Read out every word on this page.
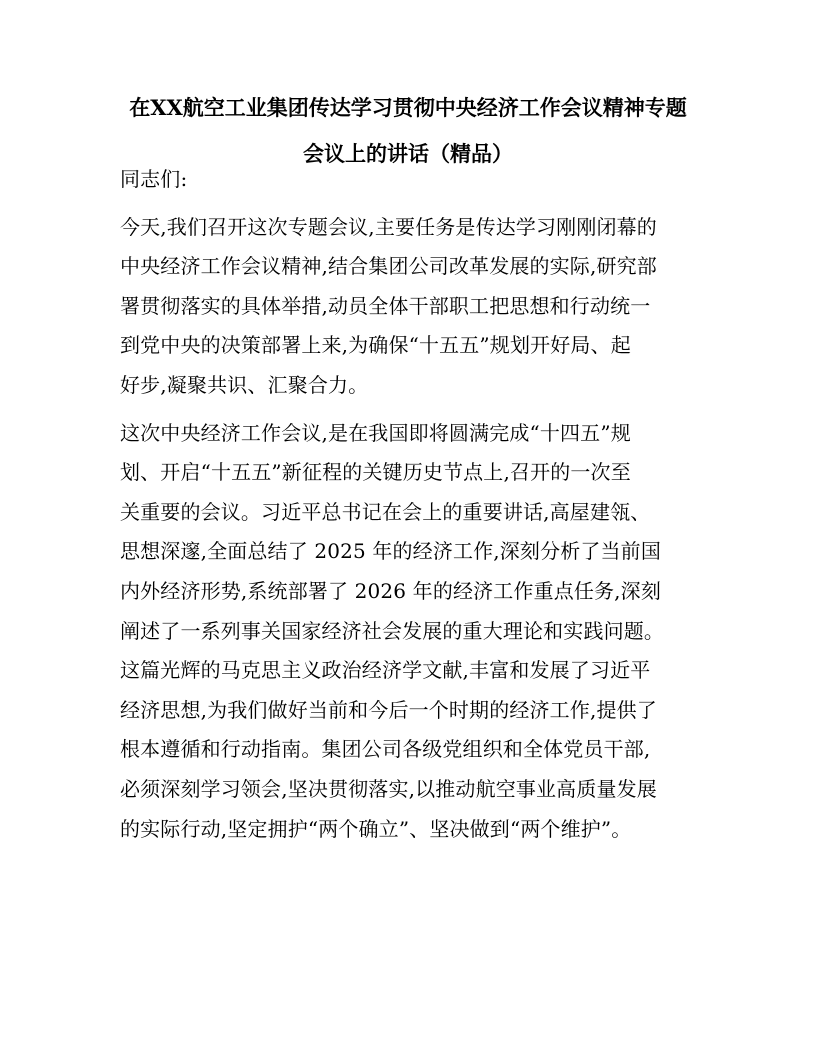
在XX航空工业集团传达学习贯彻中央经济工作会议精神专题
会议上的讲话（精品）

同志们:

今天,我们召开这次专题会议,主要任务是传达学习刚刚闭幕的
中央经济工作会议精神,结合集团公司改革发展的实际,研究部
署贯彻落实的具体举措,动员全体干部职工把思想和行动统一
到党中央的决策部署上来,为确保“十五五”规划开好局、起
好步,凝聚共识、汇聚合力。
这次中央经济工作会议,是在我国即将圆满完成“十四五”规
划、开启“十五五”新征程的关键历史节点上,召开的一次至
关重要的会议。习近平总书记在会上的重要讲话,高屋建瓴、
思想深邃,全面总结了 2025 年的经济工作,深刻分析了当前国
内外经济形势,系统部署了 2026 年的经济工作重点任务,深刻
阐述了一系列事关国家经济社会发展的重大理论和实践问题。
这篇光辉的马克思主义政治经济学文献,丰富和发展了习近平
经济思想,为我们做好当前和今后一个时期的经济工作,提供了
根本遵循和行动指南。集团公司各级党组织和全体党员干部,
必须深刻学习领会,坚决贯彻落实,以推动航空事业高质量发展
的实际行动,坚定拥护“两个确立”、坚决做到“两个维护”。
